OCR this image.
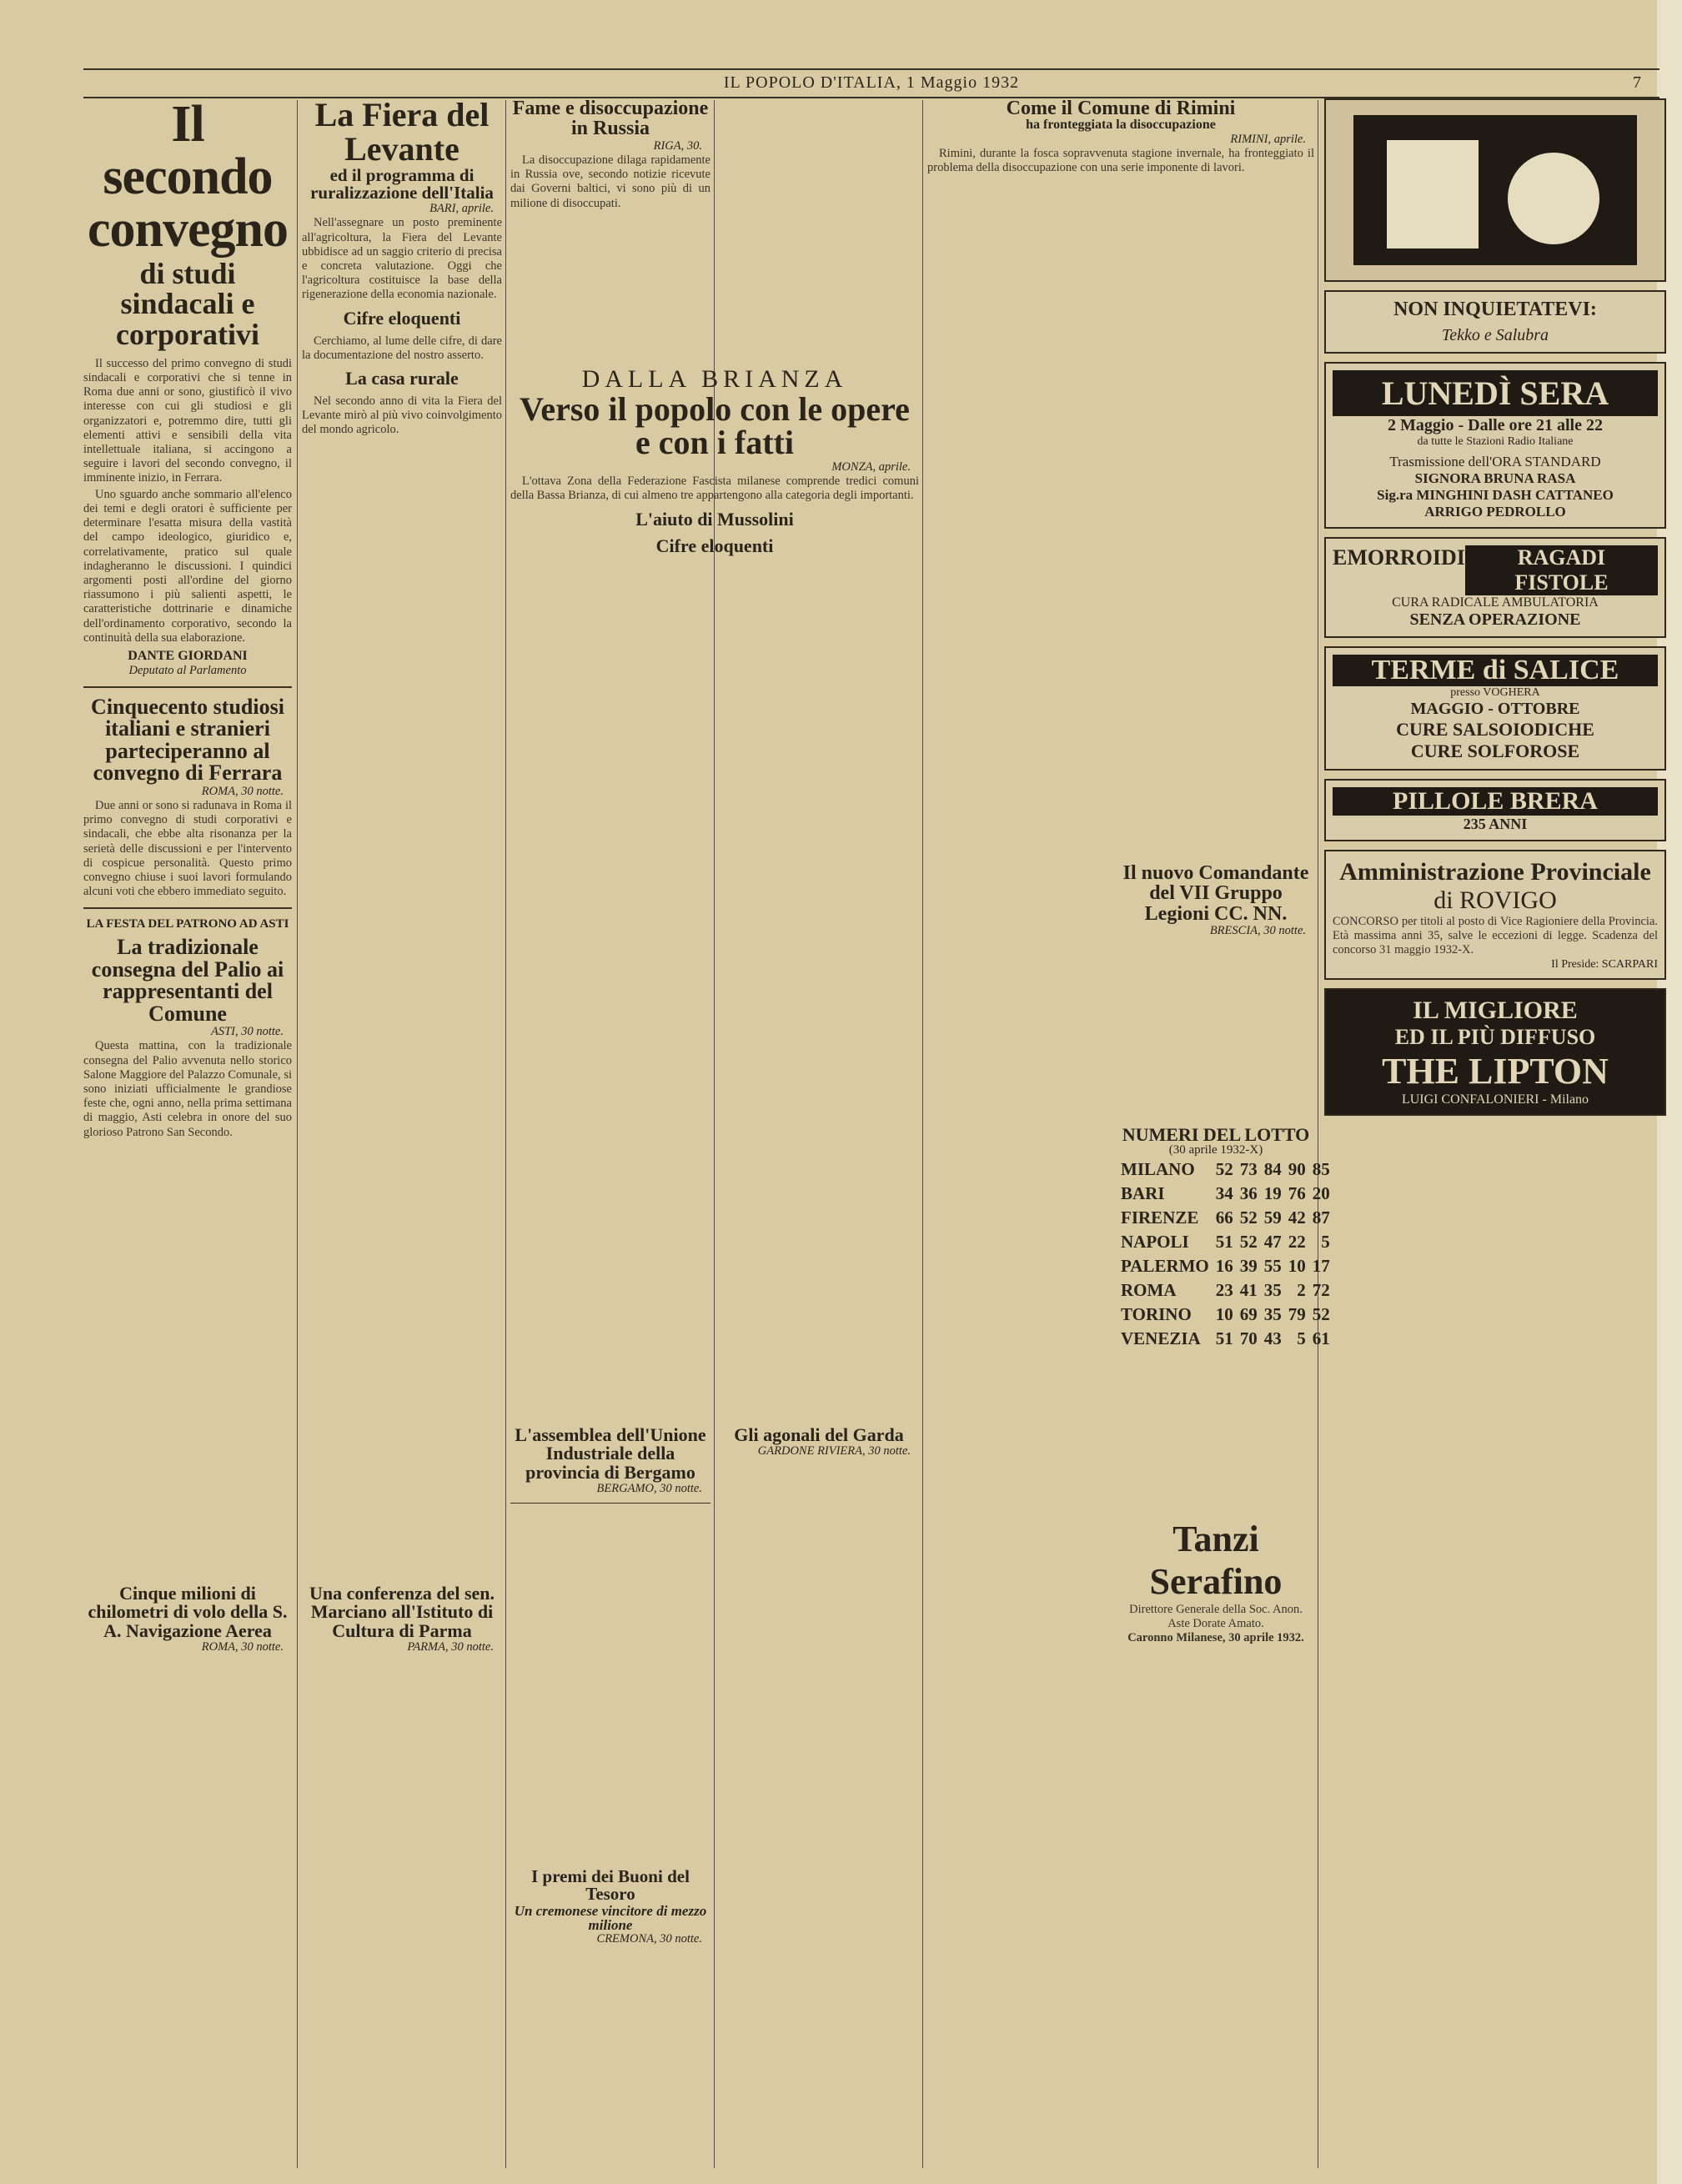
IL POPOLO D'ITALIA, 1 Maggio 1932	7
Il secondo convegno
di studi sindacali e corporativi

Il successo del primo convegno di studi sindacali e corporativi che si tenne in Roma due anni or sono, giustificò il vivo interesse con cui gli studiosi e gli organizzatori e, potremmo dire, tutti gli elementi attivi e sensibili della vita intellettuale italiana, si accingono a seguire i lavori del secondo convegno, il imminente inizio, in Ferrara.

Uno sguardo anche sommario all'elenco dei temi e degli oratori è sufficiente per determinare l'esatta misura della vastità del campo ideologico, giuridico e, correlativamente, pratico sul quale indagheranno le discussioni. I quindici argomenti posti all'ordine del giorno riassumono i più salienti aspetti, le caratteristiche dottrinarie e dinamiche dell'ordinamento corporativo, secondo la continuità della sua elaborazione.

DANTE GIORDANI
Deputato al Parlamento
Cinquecento studiosi italiani e stranieri parteciperanno al convegno di Ferrara
ROMA, 30 notte.

Due anni or sono si radunava in Roma il primo convegno di studi corporativi e sindacali, che ebbe alta risonanza per la serietà delle discussioni e per l'intervento di cospicue personalità. Questo primo convegno chiuse i suoi lavori formulando alcuni voti che ebbero immediato seguito.

LA FESTA DEL PATRONO AD ASTI
La tradizionale consegna del Palio ai rappresentanti del Comune
ASTI, 30 notte.

Questa mattina, con la tradizionale consegna del Palio avvenuta nello storico Salone Maggiore del Palazzo Comunale, si sono iniziati ufficialmente le grandiose feste che, ogni anno, nella prima settimana di maggio, Asti celebra in onore del suo glorioso Patrono San Secondo.

La Fiera del Levante
ed il programma di ruralizzazione dell'Italia
BARI, aprile.

Nell'assegnare un posto preminente all'agricoltura, la Fiera del Levante ubbidisce ad un saggio criterio di precisa e concreta valutazione. Oggi che l'agricoltura costituisce la base della rigenerazione della economia nazionale.

Cifre eloquenti

Cerchiamo, al lume delle cifre, di dare la documentazione del nostro asserto.

La casa rurale

Nel secondo anno di vita la Fiera del Levante mirò al più vivo coinvolgimento del mondo agricolo.

Una conferenza del sen. Marciano all'Istituto di Cultura di Parma
PARMA, 30 notte.
Cinque milioni di chilometri di volo della S. A. Navigazione Aerea
ROMA, 30 notte.
Fame e disoccupazione in Russia
RIGA, 30.

La disoccupazione dilaga rapidamente in Russia ove, secondo notizie ricevute dai Governi baltici, vi sono più di un milione di disoccupati.

DALLA BRIANZA
Verso il popolo con le opere e con i fatti
MONZA, aprile.

L'ottava Zona della Federazione Fascista milanese comprende tredici comuni della Bassa Brianza, di cui almeno tre appartengono alla categoria degli importanti.

L'aiuto di Mussolini
Cifre eloquenti
L'assemblea dell'Unione Industriale della provincia di Bergamo
BERGAMO, 30 notte.
I premi dei Buoni del Tesoro
Un cremonese vincitore di mezzo milione
CREMONA, 30 notte.
Gli agonali del Garda
GARDONE RIVIERA, 30 notte.
Come il Comune di Rimini
ha fronteggiata la disoccupazione
RIMINI, aprile.

Rimini, durante la fosca sopravvenuta stagione invernale, ha fronteggiato il problema della disoccupazione con una serie imponente di lavori.

Il nuovo Comandante del VII Gruppo Legioni CC. NN.
BRESCIA, 30 notte.
NUMERI DEL LOTTO
(30 aprile 1932-X)
MILANO	52	73	84	90	85
BARI	34	36	19	76	20
FIRENZE	66	52	59	42	87
NAPOLI	51	52	47	22	5
PALERMO	16	39	55	10	17
ROMA	23	41	35	2	72
TORINO	10	69	35	79	52
VENEZIA	51	70	43	5	61
Tanzi Serafino
Direttore Generale della Soc. Anon. Aste Dorate Amato.
Caronno Milanese, 30 aprile 1932.
NON INQUIETATEVI:
Tekko e Salubra
LUNEDÌ SERA
2 Maggio - Dalle ore 21 alle 22
da tutte le Stazioni Radio Italiane
Trasmissione dell'ORA STANDARD
SIGNORA BRUNA RASA
Sig.ra MINGHINI DASH CATTANEO
ARRIGO PEDROLLO
EMORROIDI	RAGADI FISTOLE
CURA RADICALE AMBULATORIA
SENZA OPERAZIONE
TERME di SALICE
presso VOGHERA
MAGGIO - OTTOBRE
CURE SALSOIODICHE
CURE SOLFOROSE
PILLOLE BRERA
235 ANNI
Amministrazione Provinciale
di ROVIGO
CONCORSO per titoli al posto di Vice Ragioniere della Provincia. Età massima anni 35, salve le eccezioni di legge. Scadenza del concorso 31 maggio 1932-X.
Il Preside: SCARPARI
IL MIGLIORE
ED IL PIÙ DIFFUSO
THE LIPTON
LUIGI CONFALONIERI - Milano
